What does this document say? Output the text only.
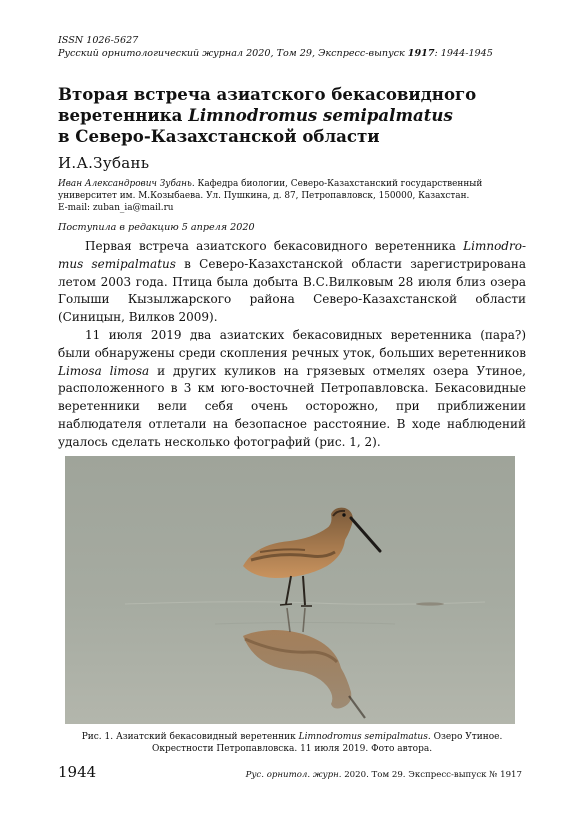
ISSN 1026-5627
Русский орнитологический журнал 2020, Том 29, Экспресс-выпуск 1917: 1944-1945
Вторая встреча азиатского бекасовидного
веретенника Limnodromus semipalmatus
в Северо-Казахстанской области
И.А.Зубань
Иван Александрович Зубань. Кафедра биологии, Северо-Казахстанский государственный
университет им. М.Козыбаева. Ул. Пушкина, д. 87, Петропавловск, 150000, Казахстан.
E-mail: zuban_ia@mail.ru
Поступила в редакцию 5 апреля 2020

Первая встреча азиатского бекасовидного веретенника Limnodro-mus semipalmatus в Северо-Казахстанской области зарегистрирована летом 2003 года. Птица была добыта В.С.Вилковым 28 июля близ озера Голыши Кызылжарского района Северо-Казахстанской области (Синицын, Вилков 2009).

11 июля 2019 два азиатских бекасовидных веретенника (пара?) были обнаружены среди скопления речных уток, больших веретенников Limosa limosa и других куликов на грязевых отмелях озера Утиное, расположенного в 3 км юго-восточней Петропавловска. Бекасовидные веретенники вели себя очень осторожно, при приближении наблюдателя отлетали на безопасное расстояние. В ходе наблюдений удалось сделать несколько фотографий (рис. 1, 2).

Рис. 1. Азиатский бекасовидный веретенник Limnodromus semipalmatus. Озеро Утиное.
Окрестности Петропавловска. 11 июля 2019. Фото автора.
1944	Рус. орнитол. журн. 2020. Том 29. Экспресс-выпуск № 1917
